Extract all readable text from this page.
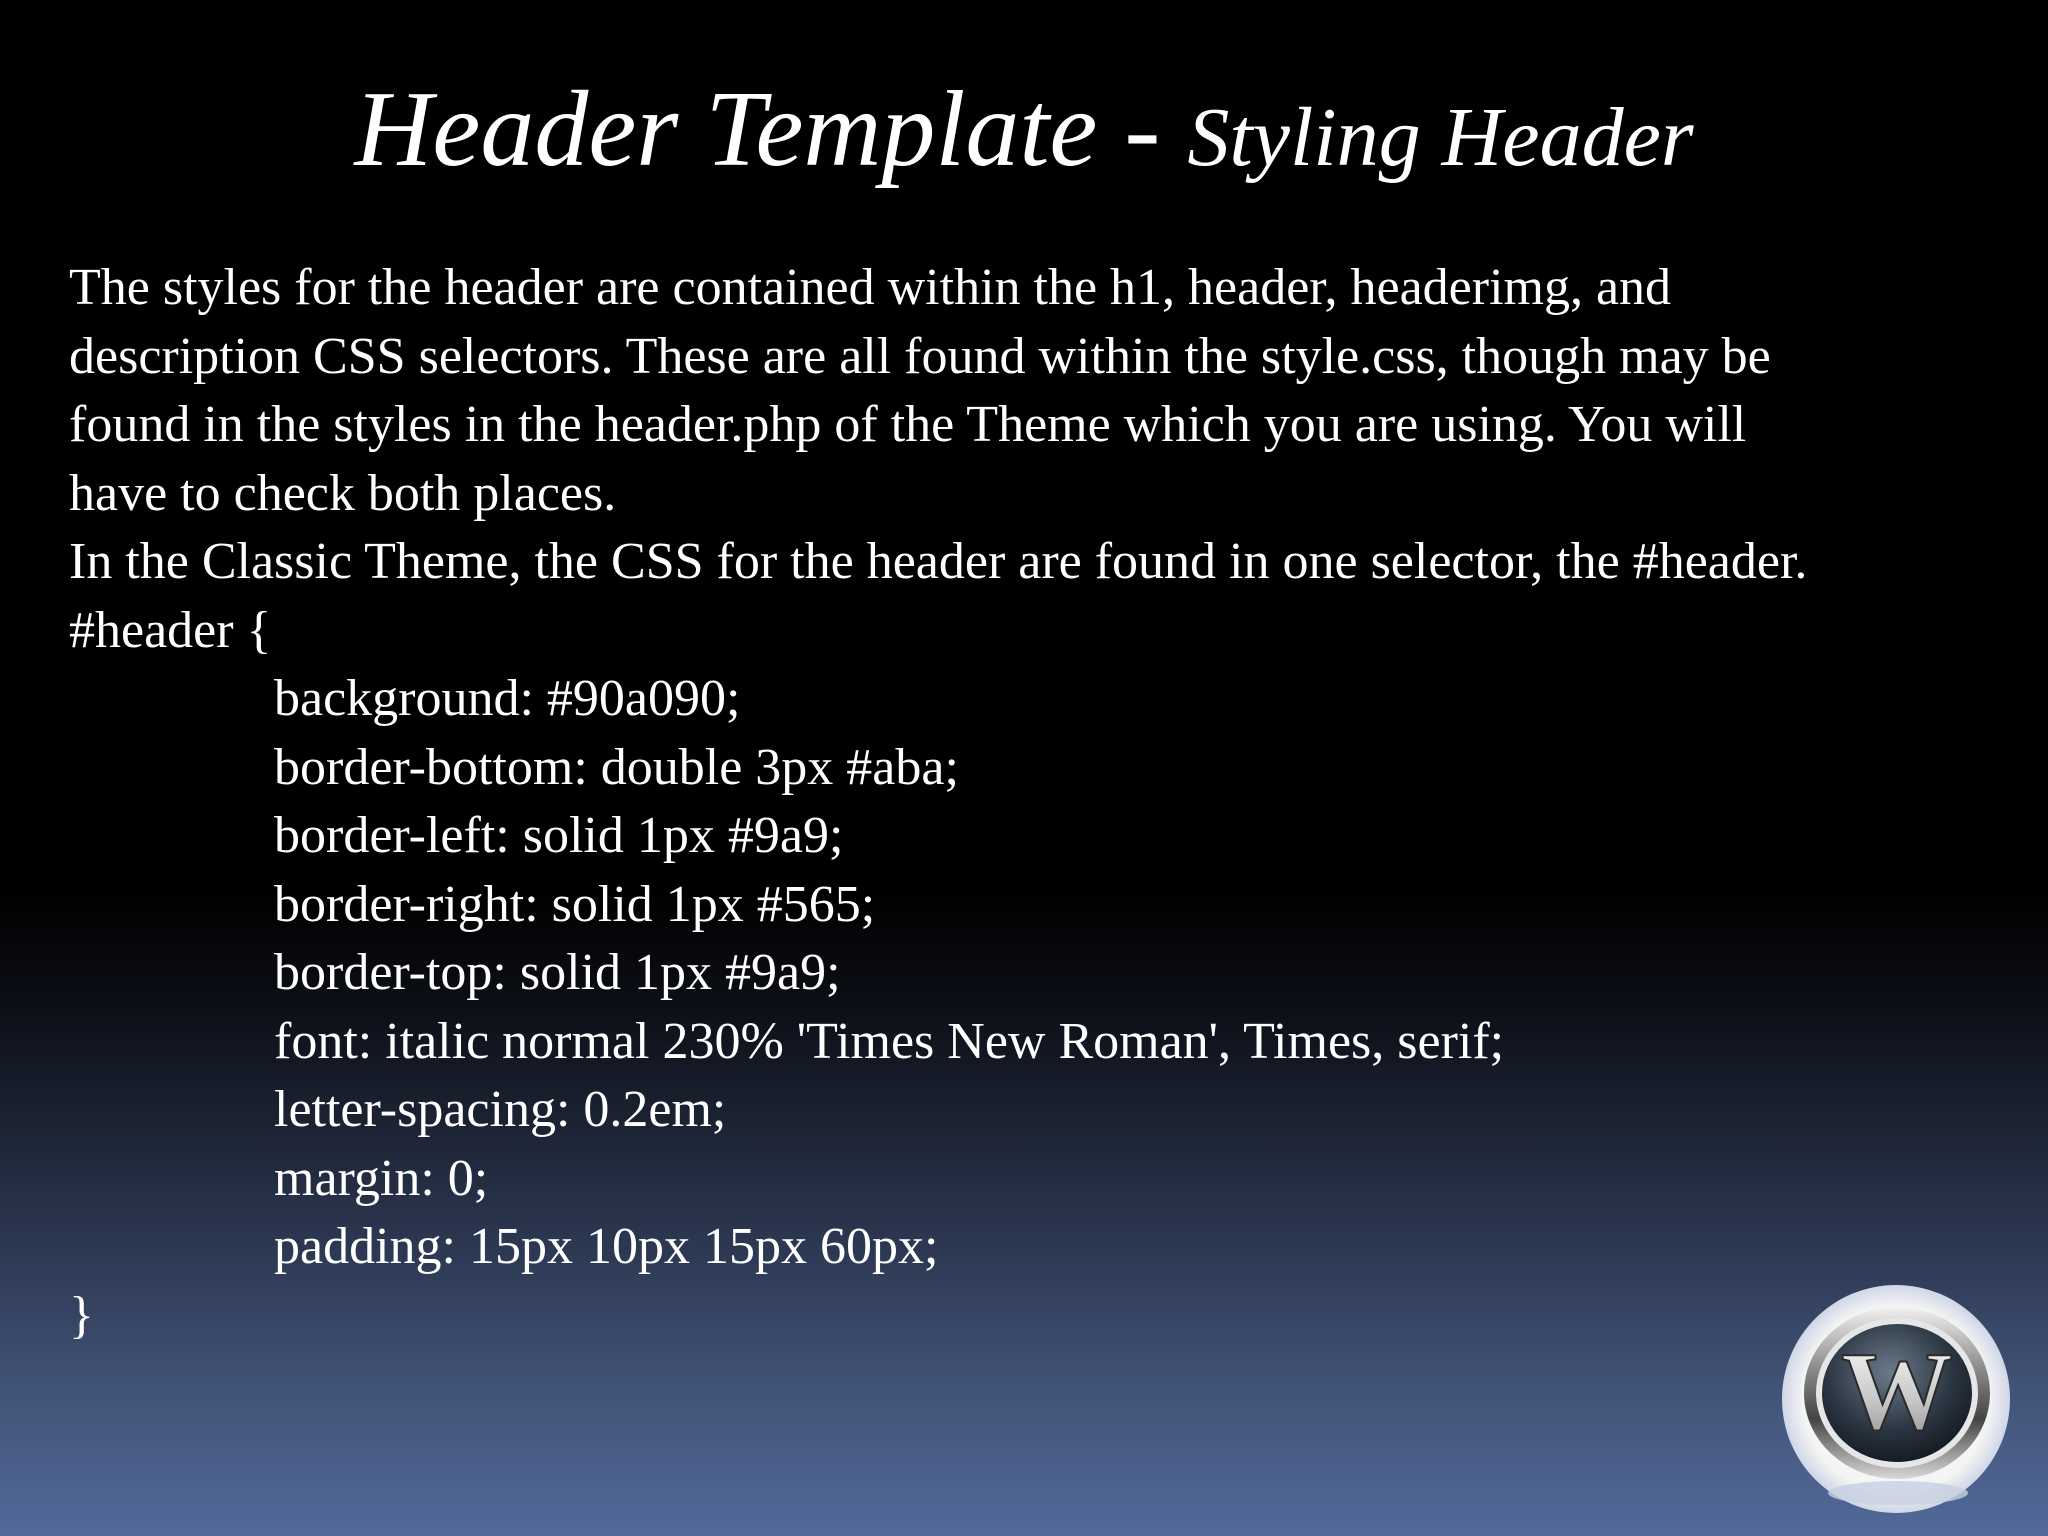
Header Template - Styling Header
The styles for the header are contained within the h1, header, headerimg, and
description CSS selectors. These are all found within the style.css, though may be
found in the styles in the header.php of the Theme which you are using. You will
have to check both places.
In the Classic Theme, the CSS for the header are found in one selector, the #header.
#header {
background: #90a090;
border-bottom: double 3px #aba;
border-left: solid 1px #9a9;
border-right: solid 1px #565;
border-top: solid 1px #9a9;
font: italic normal 230% 'Times New Roman', Times, serif;
letter-spacing: 0.2em;
margin: 0;
padding: 15px 10px 15px 60px;
}
W
